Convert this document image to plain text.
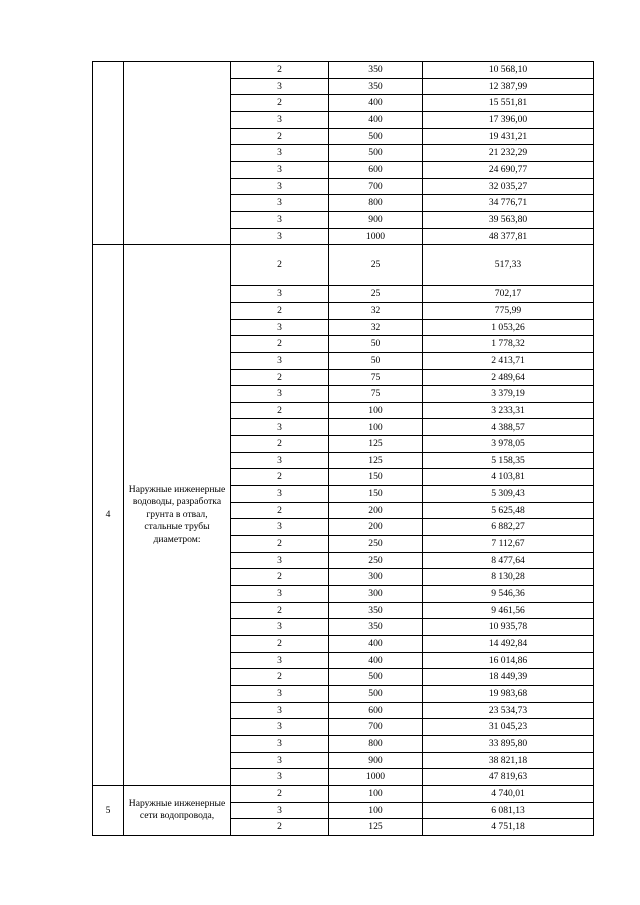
		2	350	10 568,10
		3	350	12 387,99
		2	400	15 551,81
		3	400	17 396,00
		2	500	19 431,21
		3	500	21 232,29
		3	600	24 690,77
		3	700	32 035,27
		3	800	34 776,71
		3	900	39 563,80
		3	1000	48 377,81
4	Наружные инженерные водоводы, разработка грунта в отвал, стальные трубы диаметром:	2	25	517,33
		3	25	702,17
		2	32	775,99
		3	32	1 053,26
		2	50	1 778,32
		3	50	2 413,71
		2	75	2 489,64
		3	75	3 379,19
		2	100	3 233,31
		3	100	4 388,57
		2	125	3 978,05
		3	125	5 158,35
		2	150	4 103,81
		3	150	5 309,43
		2	200	5 625,48
		3	200	6 882,27
		2	250	7 112,67
		3	250	8 477,64
		2	300	8 130,28
		3	300	9 546,36
		2	350	9 461,56
		3	350	10 935,78
		2	400	14 492,84
		3	400	16 014,86
		2	500	18 449,39
		3	500	19 983,68
		3	600	23 534,73
		3	700	31 045,23
		3	800	33 895,80
		3	900	38 821,18
		3	1000	47 819,63
5	Наружные инженерные сети водопровода,	2	100	4 740,01
		3	100	6 081,13
		2	125	4 751,18
